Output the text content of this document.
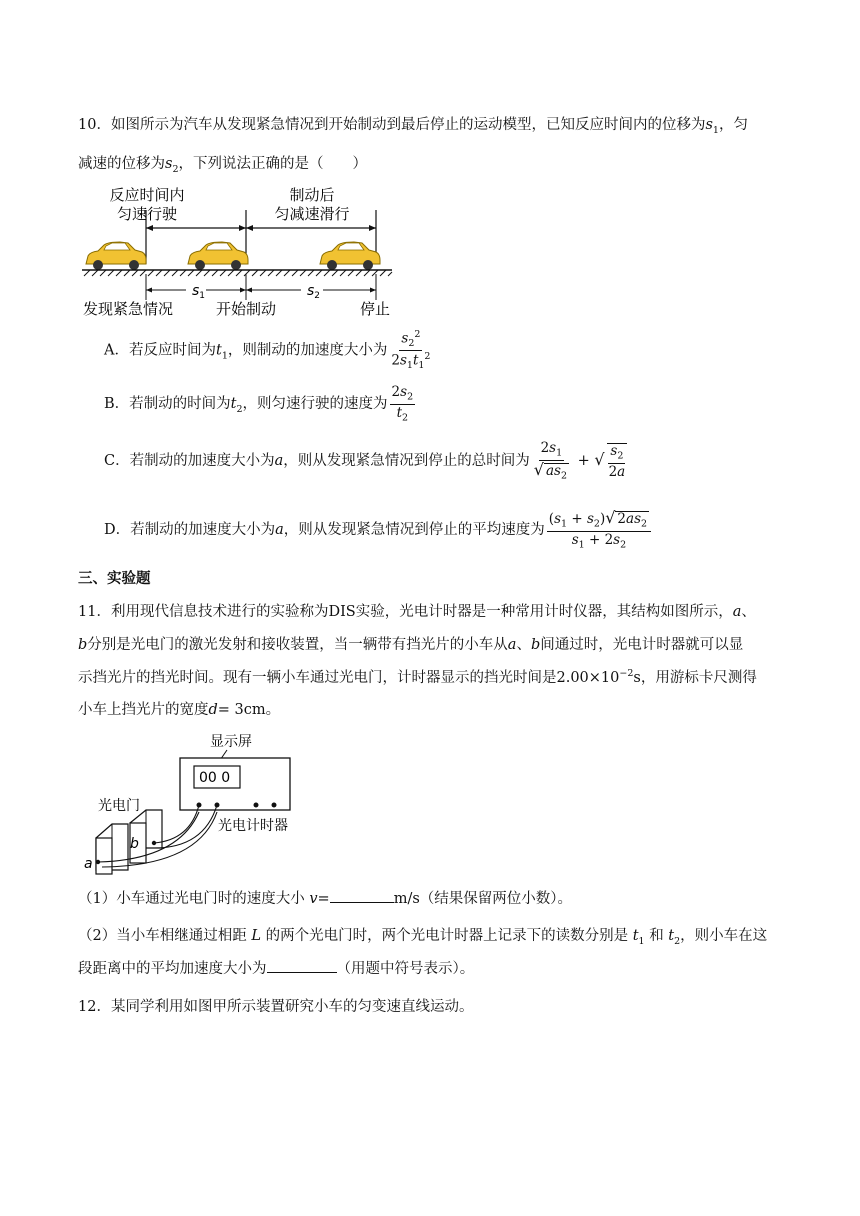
10．如图所示为汽车从发现紧急情况到开始制动到最后停止的运动模型，已知反应时间内的位移为$s_1$，匀
减速的位移为$s_2$，下列说法正确的是（　　）
反应时间内
匀速行驶
制动后
匀减速滑行
$s_1$	$s_2$
发现紧急情况	开始制动	停止
A．若反应时间为$t_1$，则制动的加速度大小为 $\frac{s_2^2}{2s_1t_1^2}$
B．若制动的时间为$t_2$，则匀速行驶的速度为 $\frac{2s_2}{t_2}$
C．若制动的加速度大小为a，则从发现紧急情况到停止的总时间为 $\frac{2s_1}{√ as_2}$ + √ $\frac{s_2}{2a}$
D．若制动的加速度大小为a，则从发现紧急情况到停止的平均速度为 $\frac{(s_1 + s_2)√ 2as_2}{s_1 + 2s_2}$
三、实验题
11．利用现代信息技术进行的实验称为DIS实验，光电计时器是一种常用计时仪器，其结构如图所示，a、
b分别是光电门的激光发射和接收装置，当一辆带有挡光片的小车从a、b间通过时，光电计时器就可以显
示挡光片的挡光时间。现有一辆小车通过光电门，计时器显示的挡光时间是$2.00\times 10^{-2}s$，用游标卡尺测得
小车上挡光片的宽度d= 3cm。
显示屏
00 0
光电计时器
光电门
b
a
（1）小车通过光电门时的速度大小 v=	m/s（结果保留两位小数）。
（2）当小车相继通过相距 L 的两个光电门时，两个光电计时器上记录下的读数分别是 $t_1$ 和 $t_2$，则小车在这
段距离中的平均加速度大小为	（用题中符号表示）。
12．某同学利用如图甲所示装置研究小车的匀变速直线运动。
